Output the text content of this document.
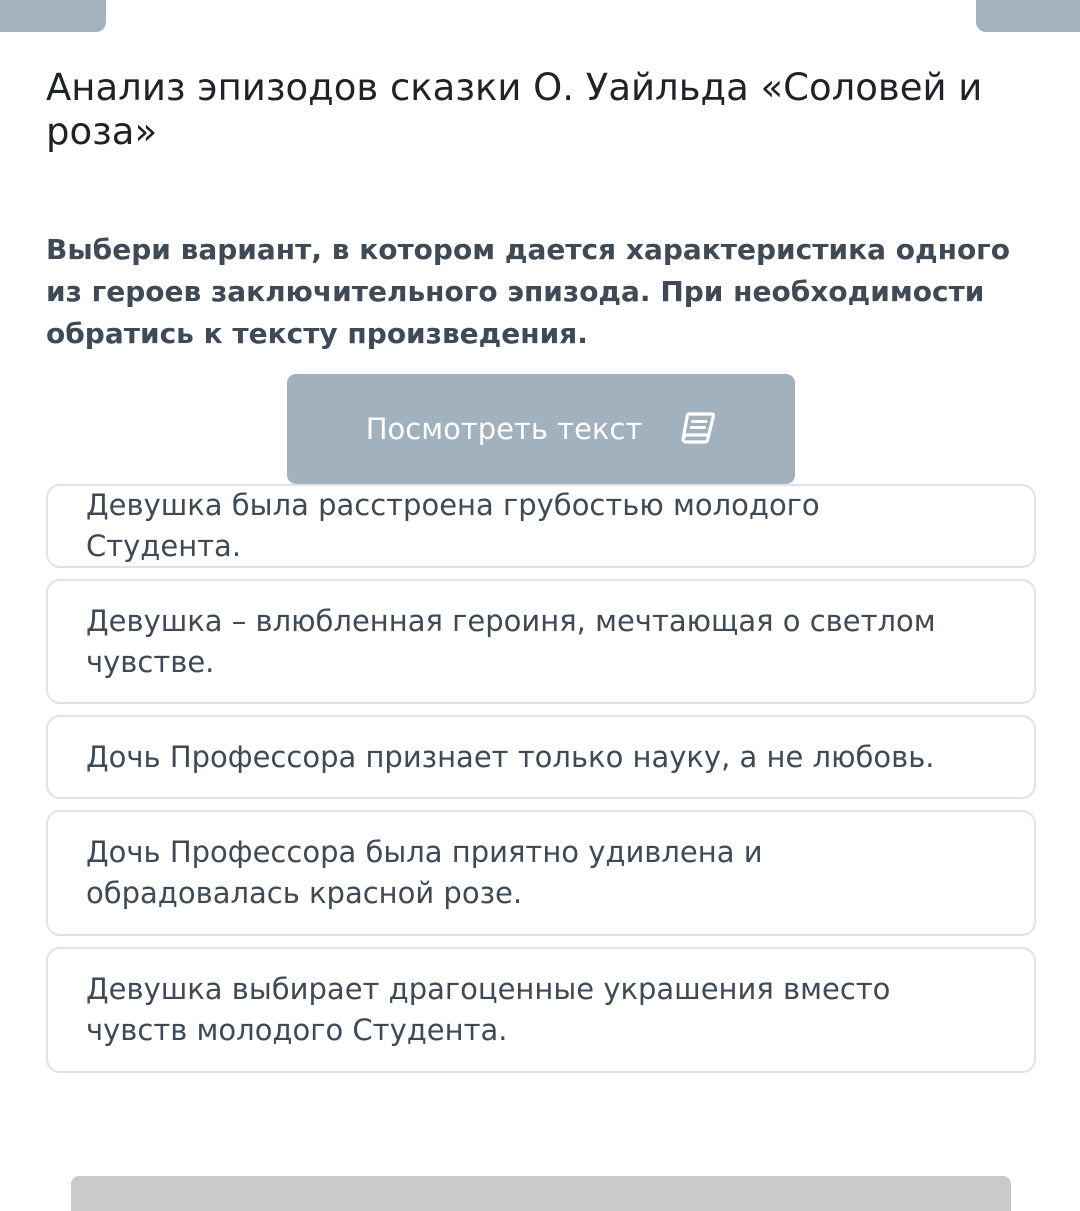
Анализ эпизодов сказки О. Уайльда «Соловей и роза»

Выбери вариант, в котором дается характеристика одного из героев заключительного эпизода. При необходимости обратись к тексту произведения.

Посмотреть текст
Девушка была расстроена грубостью молодого Студента.
Девушка – влюбленная героиня, мечтающая о светлом чувстве.
Дочь Профессора признает только науку, а не любовь.
Дочь Профессора была приятно удивлена и обрадовалась красной розе.
Девушка выбирает драгоценные украшения вместо чувств молодого Студента.
